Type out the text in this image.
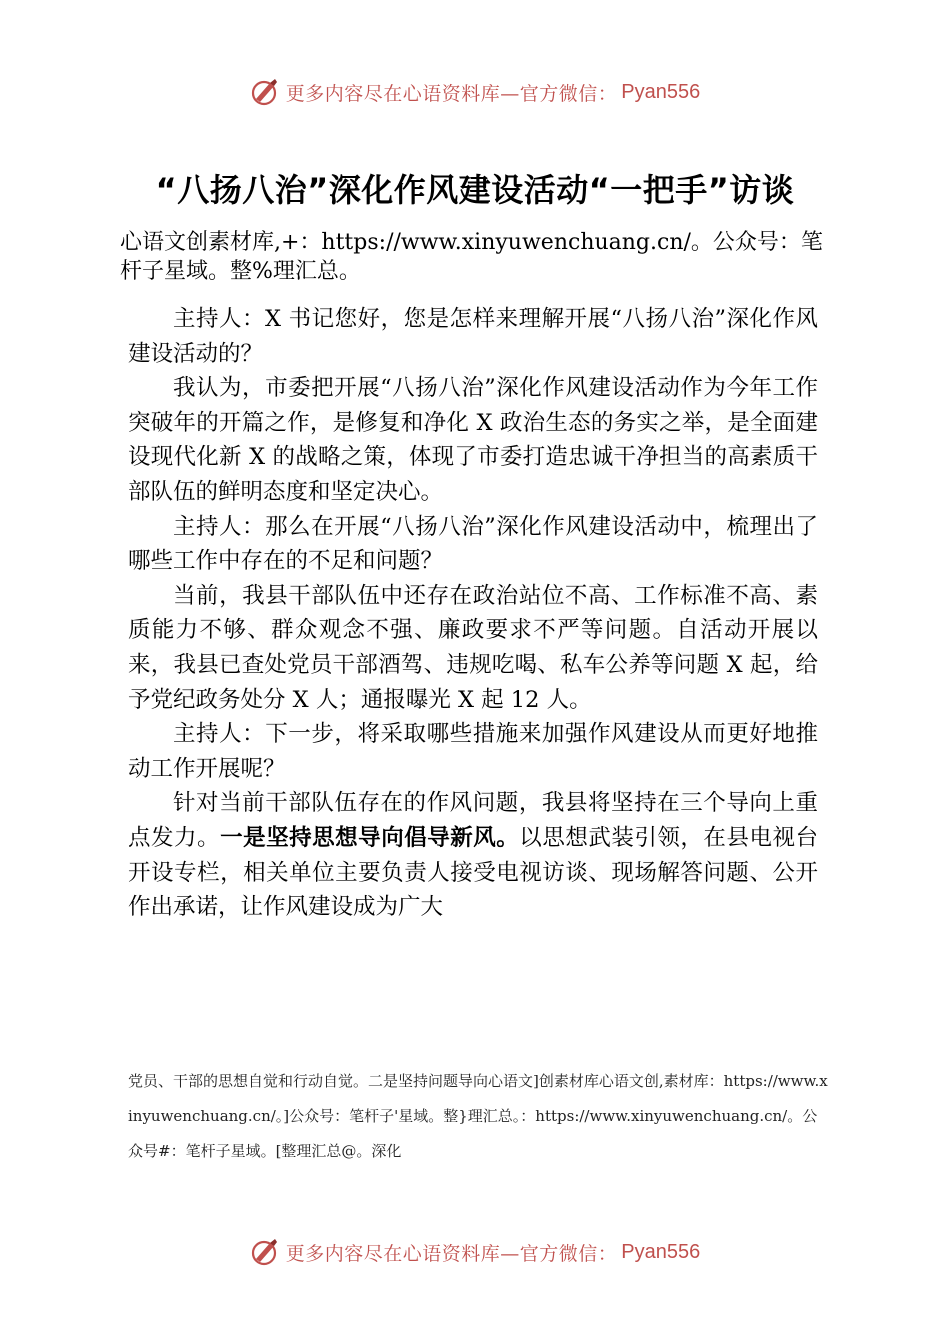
更多内容尽在心语资料库—官方微信： Pyan556
“八扬八治”深化作风建设活动“一把手”访谈
心语文创素材库,+：https://www.xinyuwenchuang.cn/。公众号：笔杆子星域。整%理汇总。

主持人：X 书记您好，您是怎样来理解开展“八扬八治”深化作风建设活动的？

我认为，市委把开展“八扬八治”深化作风建设活动作为今年工作突破年的开篇之作，是修复和净化 X 政治生态的务实之举，是全面建设现代化新 X 的战略之策，体现了市委打造忠诚干净担当的高素质干部队伍的鲜明态度和坚定决心。

主持人：那么在开展“八扬八治”深化作风建设活动中，梳理出了哪些工作中存在的不足和问题？

当前，我县干部队伍中还存在政治站位不高、工作标准不高、素质能力不够、群众观念不强、廉政要求不严等问题。自活动开展以来，我县已查处党员干部酒驾、违规吃喝、私车公养等问题 X 起，给予党纪政务处分 X 人；通报曝光 X 起 12 人。

主持人：下一步，将采取哪些措施来加强作风建设从而更好地推动工作开展呢？

针对当前干部队伍存在的作风问题，我县将坚持在三个导向上重点发力。一是坚持思想导向倡导新风。以思想武装引领，在县电视台开设专栏，相关单位主要负责人接受电视访谈、现场解答问题、公开作出承诺，让作风建设成为广大

党员、干部的思想自觉和行动自觉。二是坚持问题导向心语文]创素材库心语文创,素材库：https://www.xinyuwenchuang.cn/。]公众号：笔杆子'星域。整}理汇总。：https://www.xinyuwenchuang.cn/。公众号#：笔杆子星域。[整理汇总@。深化
更多内容尽在心语资料库—官方微信： Pyan556
